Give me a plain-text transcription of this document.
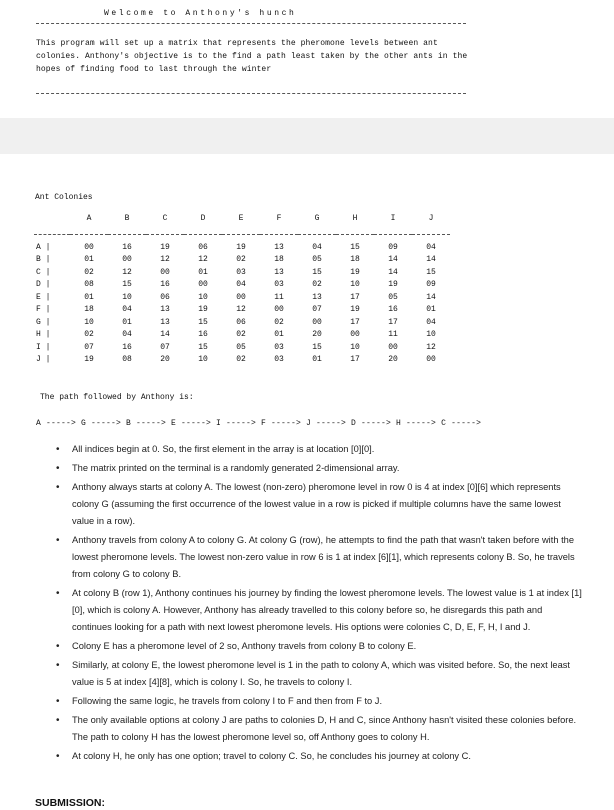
Welcome to Anthony's hunch
This program will set up a matrix that represents the pheromone levels between ant colonies. Anthony's objective is to the find a path least taken by the other ants in the hopes of finding food to last through the winter
Ant Colonies
	A	B	C	D	E	F	G	H	I	J

A |	00	16	19	06	19	13	04	15	09	04
B |	01	00	12	12	02	18	05	18	14	14
C |	02	12	00	01	03	13	15	19	14	15
D |	08	15	16	00	04	03	02	10	19	09
E |	01	10	06	10	00	11	13	17	05	14
F |	18	04	13	19	12	00	07	19	16	01
G |	10	01	13	15	06	02	00	17	17	04
H |	02	04	14	16	02	01	20	00	11	10
I |	07	16	07	15	05	03	15	10	00	12
J |	19	08	20	10	02	03	01	17	20	00
The path followed by Anthony is:
A -----> G -----> B -----> E -----> I -----> F -----> J -----> D -----> H -----> C ----->
• All indices begin at 0. So, the first element in the array is at location [0][0].
• The matrix printed on the terminal is a randomly generated 2-dimensional array.
• Anthony always starts at colony A. The lowest (non-zero) pheromone level in row 0 is 4 at index [0][6] which represents colony G (assuming the first occurrence of the lowest value in a row is picked if multiple columns have the same lowest value in a row).
• Anthony travels from colony A to colony G. At colony G (row), he attempts to find the path that wasn't taken before with the lowest pheromone levels. The lowest non-zero value in row 6 is 1 at index [6][1], which represents colony B. So, he travels from colony G to colony B.
• At colony B (row 1), Anthony continues his journey by finding the lowest pheromone levels. The lowest value is 1 at index [1][0], which is colony A. However, Anthony has already travelled to this colony before so, he disregards this path and continues looking for a path with next lowest pheromone levels. His options were colonies C, D, E, F, H, I and J.
• Colony E has a pheromone level of 2 so, Anthony travels from colony B to colony E.
• Similarly, at colony E, the lowest pheromone level is 1 in the path to colony A, which was visited before. So, the next least value is 5 at index [4][8], which is colony I. So, he travels to colony I.
• Following the same logic, he travels from colony I to F and then from F to J.
• The only available options at colony J are paths to colonies D, H and C, since Anthony hasn't visited these colonies before. The path to colony H has the lowest pheromone level so, off Anthony goes to colony H.
• At colony H, he only has one option; travel to colony C. So, he concludes his journey at colony C.
SUBMISSION:
